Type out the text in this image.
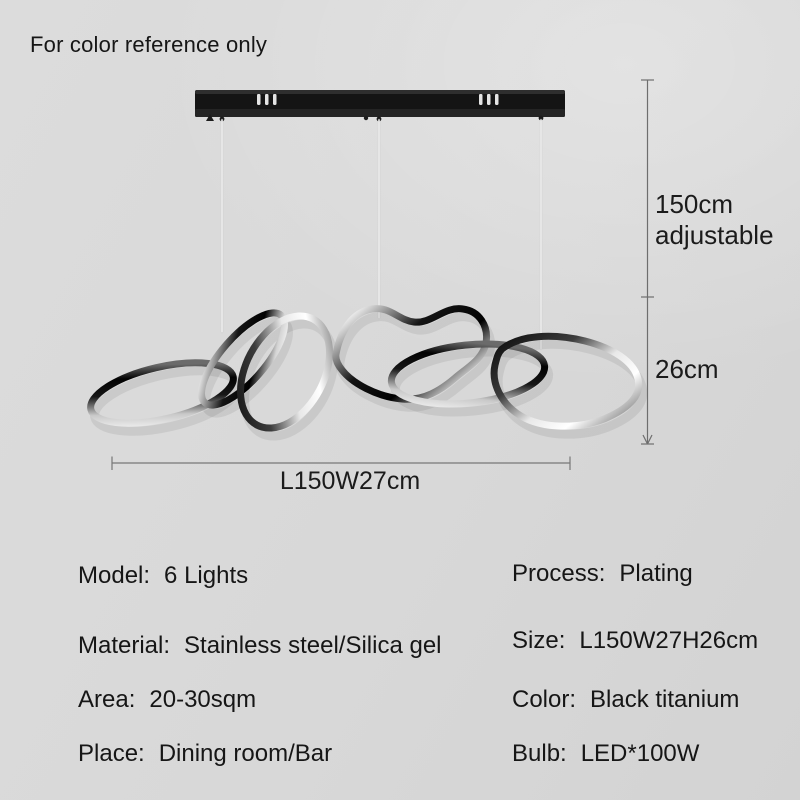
For color reference only
150cm adjustable
26cm
L150W27cm
Model: 6 Lights
Material: Stainless steel/Silica gel
Area: 20-30sqm
Place: Dining room/Bar
Process: Plating
Size: L150W27H26cm
Color: Black titanium
Bulb: LED*100W
